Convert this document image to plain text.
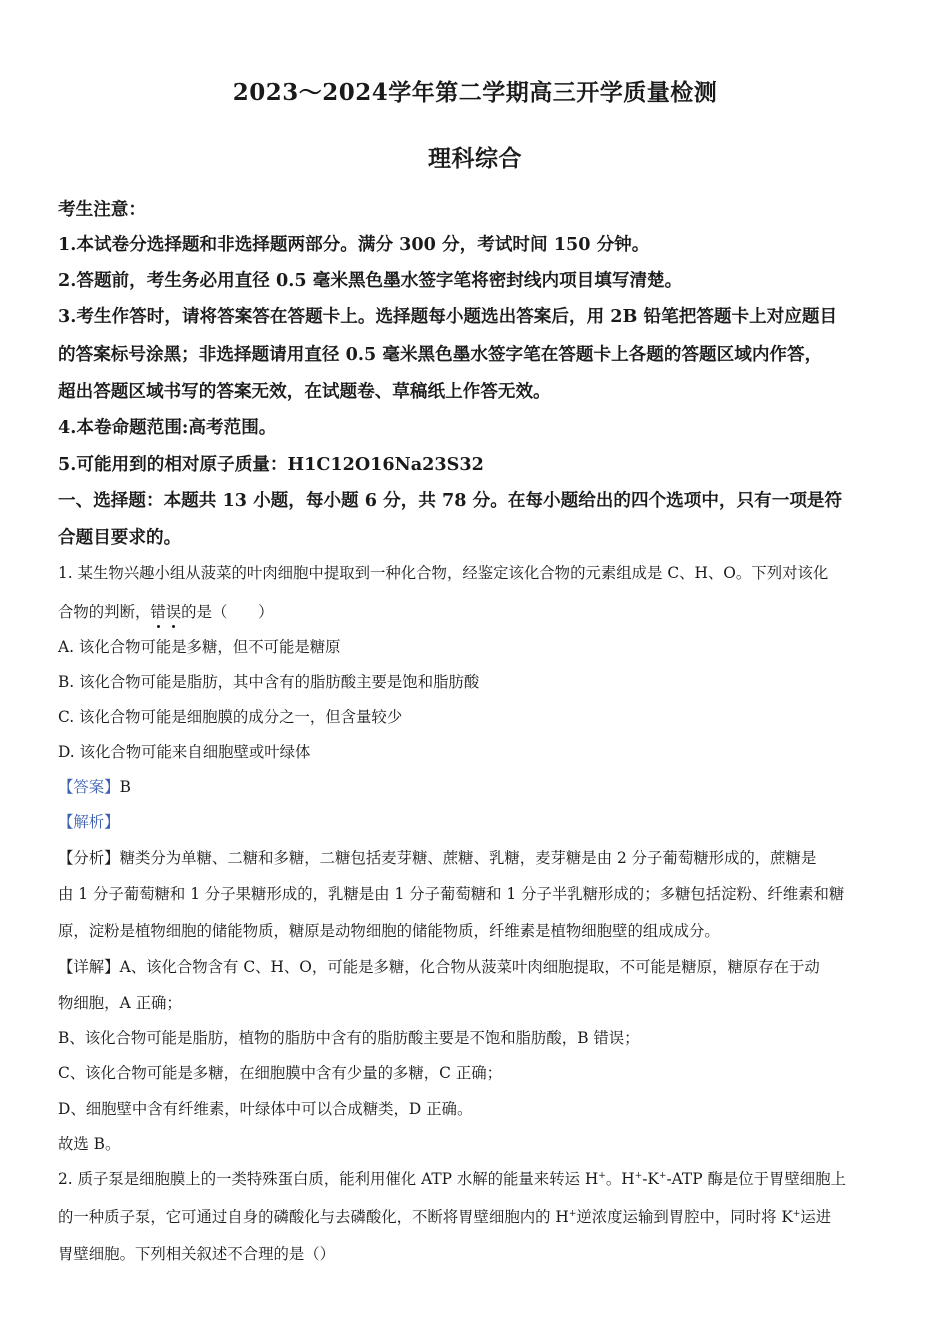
2023～2024学年第二学期高三开学质量检测
理科综合
考生注意：
1.本试卷分选择题和非选择题两部分。满分 300 分，考试时间 150 分钟。
2.答题前，考生务必用直径 0.5 毫米黑色墨水签字笔将密封线内项目填写清楚。
3.考生作答时，请将答案答在答题卡上。选择题每小题选出答案后，用 2B 铅笔把答题卡上对应题目
的答案标号涂黑；非选择题请用直径 0.5 毫米黑色墨水签字笔在答题卡上各题的答题区域内作答，
超出答题区域书写的答案无效，在试题卷、草稿纸上作答无效。
4.本卷命题范围:高考范围。
5.可能用到的相对原子质量：H1C12O16Na23S32
一、选择题：本题共 13 小题，每小题 6 分，共 78 分。在每小题给出的四个选项中，只有一项是符
合题目要求的。
1. 某生物兴趣小组从菠菜的叶肉细胞中提取到一种化合物，经鉴定该化合物的元素组成是 C、H、O。下列对该化
合物的判断，错误的是（　　）
A. 该化合物可能是多糖，但不可能是糖原
B. 该化合物可能是脂肪，其中含有的脂肪酸主要是饱和脂肪酸
C. 该化合物可能是细胞膜的成分之一，但含量较少
D. 该化合物可能来自细胞壁或叶绿体
【答案】B
【解析】
【分析】糖类分为单糖、二糖和多糖，二糖包括麦芽糖、蔗糖、乳糖，麦芽糖是由 2 分子葡萄糖形成的，蔗糖是
由 1 分子葡萄糖和 1 分子果糖形成的，乳糖是由 1 分子葡萄糖和 1 分子半乳糖形成的；多糖包括淀粉、纤维素和糖
原，淀粉是植物细胞的储能物质，糖原是动物细胞的储能物质，纤维素是植物细胞壁的组成成分。
【详解】A、该化合物含有 C、H、O，可能是多糖，化合物从菠菜叶肉细胞提取，不可能是糖原，糖原存在于动
物细胞，A 正确；
B、该化合物可能是脂肪，植物的脂肪中含有的脂肪酸主要是不饱和脂肪酸，B 错误；
C、该化合物可能是多糖，在细胞膜中含有少量的多糖，C 正确；
D、细胞壁中含有纤维素，叶绿体中可以合成糖类，D 正确。
故选 B。
2. 质子泵是细胞膜上的一类特殊蛋白质，能利用催化 ATP 水解的能量来转运 H+。H+-K+-ATP 酶是位于胃壁细胞上
的一种质子泵，它可通过自身的磷酸化与去磷酸化，不断将胃壁细胞内的 H+逆浓度运输到胃腔中，同时将 K+运进
胃壁细胞。下列相关叙述不合理的是（）
